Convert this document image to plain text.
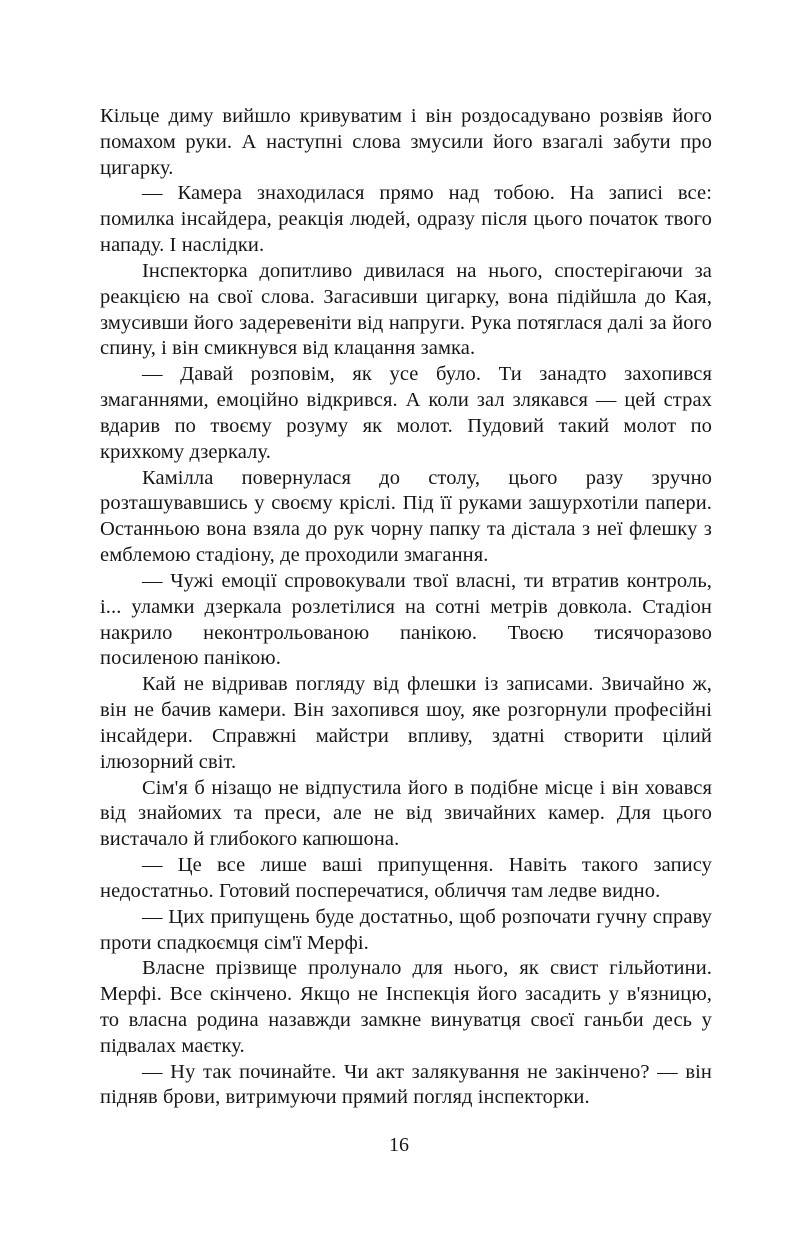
Кільце диму вийшло кривуватим і він роздосадувано розвіяв його помахом руки. А наступні слова змусили його взагалі забути про цигарку.

— Камера знаходилася прямо над тобою. На записі все: помилка інсайдера, реакція людей, одразу після цього початок твого нападу. І наслідки.

Інспекторка допитливо дивилася на нього, спостерігаючи за реакцією на свої слова. Загасивши цигарку, вона підійшла до Кая, змусивши його задеревеніти від напруги. Рука потяглася далі за його спину, і він смикнувся від клацання замка.

— Давай розповім, як усе було. Ти занадто захопився змаганнями, емоційно відкрився. А коли зал злякався — цей страх вдарив по твоєму розуму як молот. Пудовий такий молот по крихкому дзеркалу.

Камілла повернулася до столу, цього разу зручно розташувавшись у своєму кріслі. Під її руками зашурхотіли папери. Останньою вона взяла до рук чорну папку та дістала з неї флешку з емблемою стадіону, де проходили змагання.

— Чужі емоції спровокували твої власні, ти втратив контроль, і... уламки дзеркала розлетілися на сотні метрів довкола. Стадіон накрило неконтрольованою панікою. Твоєю тисячоразово посиленою панікою.

Кай не відривав погляду від флешки із записами. Звичайно ж, він не бачив камери. Він захопився шоу, яке розгорнули професійні інсайдери. Справжні майстри впливу, здатні створити цілий ілюзорний світ.

Сім'я б нізащо не відпустила його в подібне місце і він ховався від знайомих та преси, але не від звичайних камер. Для цього вистачало й глибокого капюшона.

— Це все лише ваші припущення. Навіть такого запису недостатньо. Готовий посперечатися, обличчя там ледве видно.

— Цих припущень буде достатньо, щоб розпочати гучну справу проти спадкоємця сім'ї Мерфі.

Власне прізвище пролунало для нього, як свист гільйотини. Мерфі. Все скінчено. Якщо не Інспекція його засадить у в'язницю, то власна родина назавжди замкне винуватця своєї ганьби десь у підвалах маєтку.

— Ну так починайте. Чи акт залякування не закінчено? — він підняв брови, витримуючи прямий погляд інспекторки.

16
